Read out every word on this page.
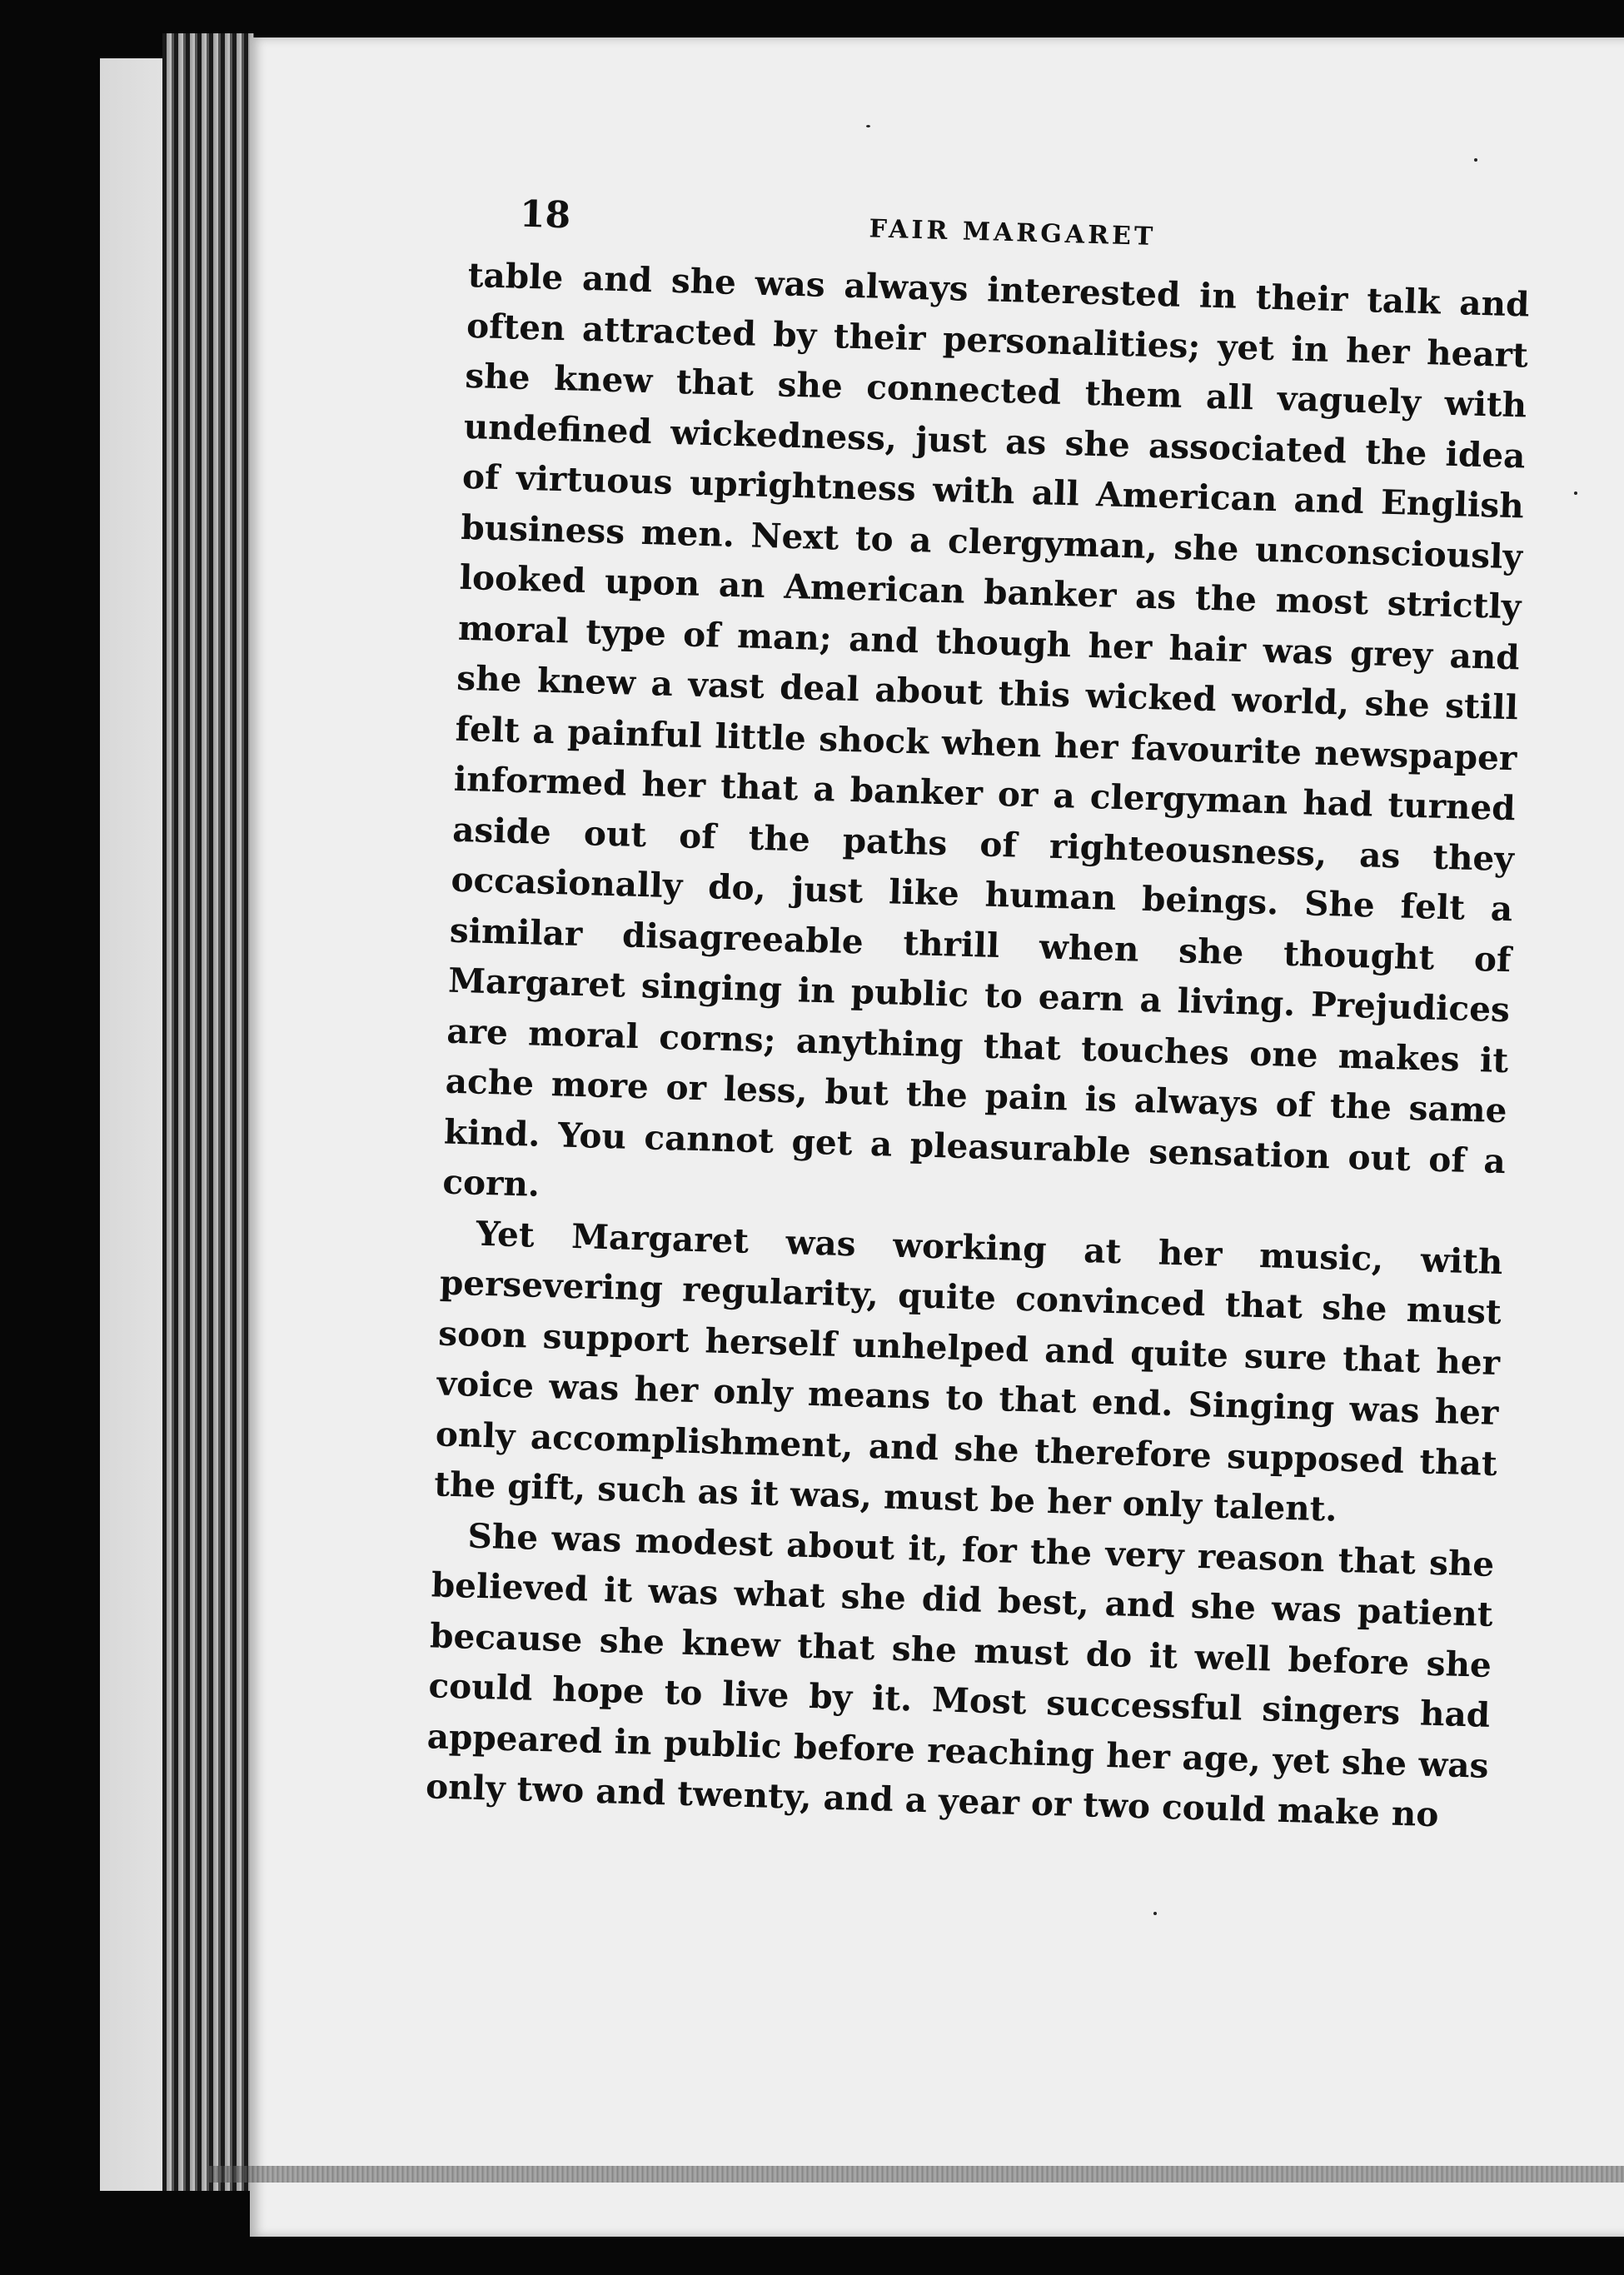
18	FAIR MARGARET

table and she was always interested in their talk and often attracted by their personalities; yet in her heart she knew that she connected them all vaguely with undefined wickedness, just as she associated the idea of virtuous uprightness with all American and English business men. Next to a clergyman, she unconsciously looked upon an American banker as the most strictly moral type of man; and though her hair was grey and she knew a vast deal about this wicked world, she still felt a painful little shock when her favourite newspaper informed her that a banker or a clergyman had turned aside out of the paths of righteousness, as they occasionally do, just like human beings. She felt a similar disagreeable thrill when she thought of Margaret singing in public to earn a living. Prejudices are moral corns; anything that touches one makes it ache more or less, but the pain is always of the same kind. You cannot get a pleasurable sensation out of a corn.

Yet Margaret was working at her music, with persevering regularity, quite convinced that she must soon support herself unhelped and quite sure that her voice was her only means to that end. Singing was her only accomplishment, and she therefore supposed that the gift, such as it was, must be her only talent.

She was modest about it, for the very reason that she believed it was what she did best, and she was patient because she knew that she must do it well before she could hope to live by it. Most successful singers had appeared in public before reaching her age, yet she was only two and twenty, and a year or two could make no
